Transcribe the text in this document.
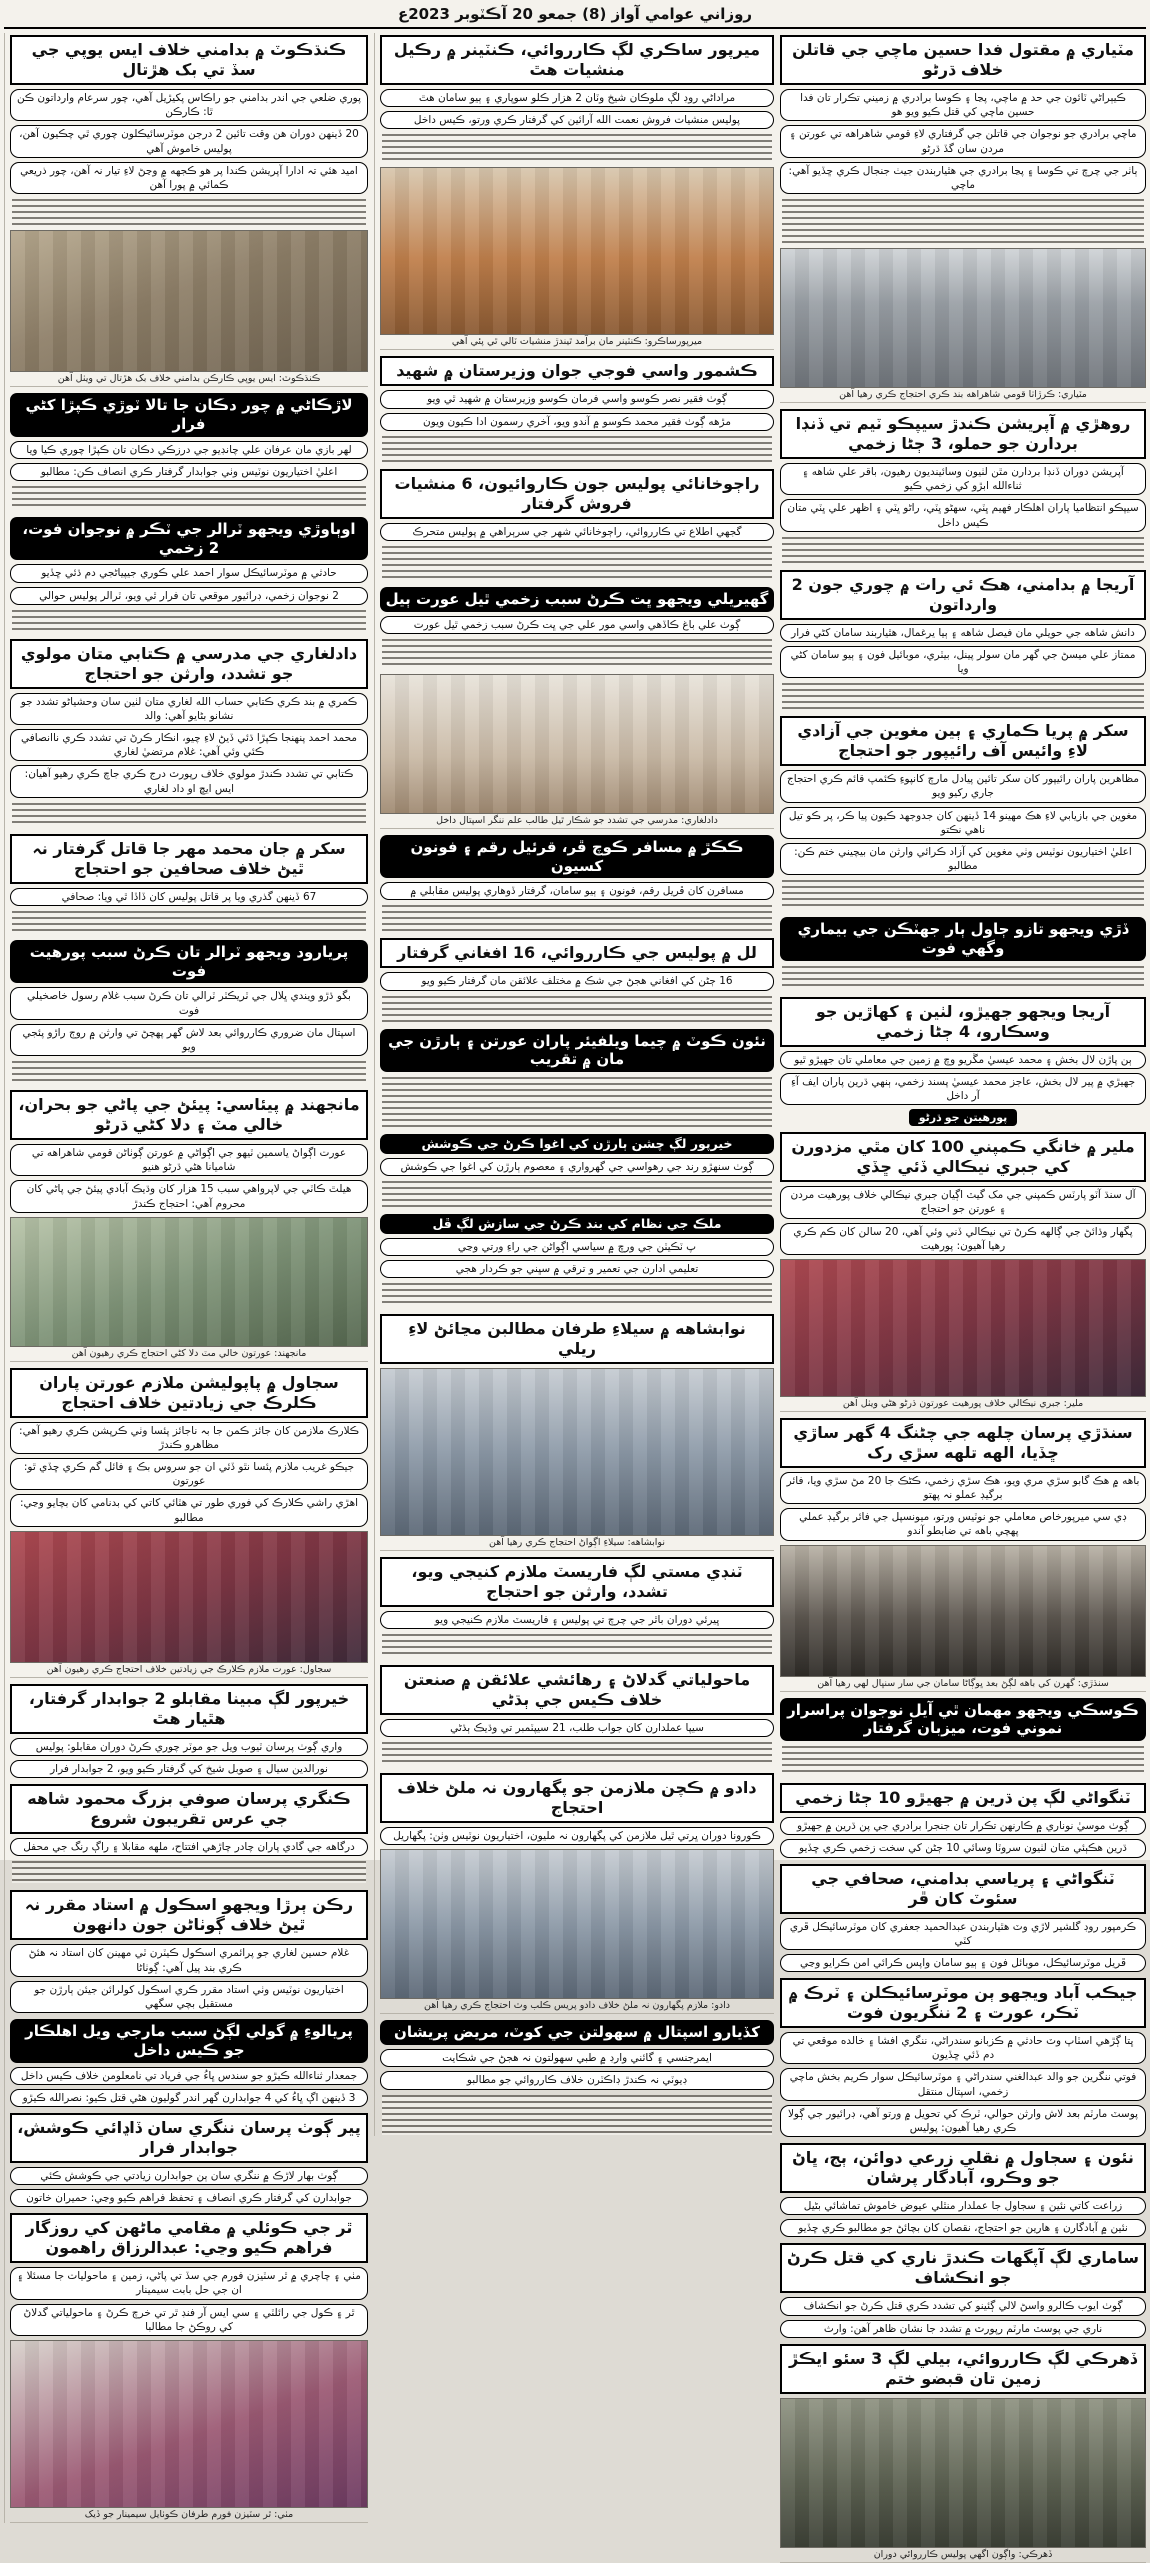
روزاني عوامي آواز (8) جمعو 20 آڪٽوبر 2023ع
مٽياري ۾ مقتول فدا حسين ماچي جي قاتلن خلاف ڌرڻو
ڪيٻراڻي ٽائون جي حد ۾ ماچي، پڃا ۽ ڪوسا برادري ۾ زميني تڪرار تان فدا حسين ماچي کي قتل ڪيو ويو هو
ماچي برادري جو نوجوان جي قاتلن جي گرفتاري لاءِ قومي شاهراهه تي عورتن ۽ مردن سان گڏ ڌرڻو
ٻاٺر جي چرچ تي ڪوسا ۽ پڃا برادري جي هٿياربندن جيٺ جنجال ڪري ڇڏيو آهي: ماچي
مٽياري: ڪرڙاٺا قومي شاهراهه بند ڪري احتجاج ڪري رهيا آهن
روهڙي ۾ آپريشن ڪندڙ سيپڪو ٽيم تي ڏنڊا بردارن جو حملو، 3 ڄڻا زخمي
آپريشن دوران ڏنڊا بردارن مٿن لٺيون وسائينديون رهيون، باقر علي شاهه ۽ ثناءالله ابڙو کي زخمي ڪيو
سيپڪو انتظاميا پاران اهلڪار فهيم ڀٽي، سهڻو ڀٽي، راڻو ڀٽي ۽ اظهر علي ڀٽي متان ڪيس داخل
آريجا ۾ بدامني، هڪ ئي رات ۾ چوري جون 2 وارداتون
دانش شاهه جي حويلي مان فيصل شاهه ۽ ٻيا يرغمال، هٿياربند سامان کڻي فرار
ممتاز علي ميسڻ جي گهر مان سولر پينل، بيٽري، موبائيل فون ۽ ٻيو سامان کڻي ويا
سکر ۾ پريا ڪماري ۽ ٻين مغوين جي آزادي لاءِ وائيس آف رائيپور جو احتجاج
مظاهرين پاران رائيپور کان سکر تائين پيادل مارچ کانپوءِ ڪئمپ قائم ڪري احتجاج جاري رکيو ويو
مغوين جي بازيابي لاءِ هڪ مهينو 14 ڏينهن کان جدوجهد ڪيون پيا ڪر، پر ڪو تيل ناهي نڪتو
اعليٰ اختياريون نوٽيس وٺي مغوين کي آزاد ڪرائي وارثن مان بيچيني ختم ڪن: مطالبو
ڏڙي ويجهو تازو ڄاول ٻار جهٽڪن جي بيماري وگهي فوت
آريجا ويجهو جهيڙو، لٺين ۽ کهاڙين جو وسڪارو، 4 ڄڻا زخمي
ٻن پاڙن لال بخش ۽ محمد عيسيٰ مڱريو وچ ۾ زمين جي معاملي تان جهيڙو ٿيو
جهيڙي ۾ پير لال بخش، عاجز محمد عيسيٰ پسند زخمي، ٻنهي ڌرين پاران ايف آءِ آر داخل
پورهيتن جو ڌرڻو
ملير ۾ خانگي ڪمپني 100 کان مٿي مزدورن کي جبري نيڪالي ڏئي ڇڏي
آل سنڌ آٽو پارٽس ڪمپني جي مک گيٽ اڳيان جبري نيڪالي خلاف پورهيت مردن ۽ عورتن جو احتجاج
پگهار وڌائڻ جي ڳالهه ڪرڻ تي نيڪالي ڏني وئي آهي، 20 سالن کان ڪم ڪري رهيا آهيون: پورهيت
ملير: جبري نيڪالي خلاف پورهيت عورتون ڌرڻو هڻي ويٺل آهن
سنڌڙي پرسان چلهه جي چڻنگ 4 گهر ساڙي ڇڏيا، الهه تلهه سڙي رک
باهه ۾ هڪ گابو سڙي مري ويو، هڪ سڙي زخمي، ڪڻڪ جا 20 مڻ سڙي ويا، فائر برگيڊ عملو نہ پهتو
ڊي سي ميرپورخاص معاملي جو نوٽيس ورتو، ميونسپل جي فائر برگيڊ عملي پهچي باهه تي ضابطو آندو
سنڌڙي: گهرن کي باهه لڳڻ بعد ڀوڳاڻا سامان جي سار سنڀال لهي رهيا آهن
ڪوسڪي ويجهو مهمان ٿي آيل نوجوان پراسرار نموني فوت، ميزبان گرفتار
ٽنگواڻي لڳ پن ڌرين ۾ جهيڙو 10 ڄڻا زخمي
ڳوٺ موسيٰ نوناري ۾ ڪارنهن تڪرار تان جنجرا برادري جي پن ڌرين ۾ جهيڙو
ڌرين هڪٻئي متان لٺيون سروٽا وسائي 10 ڄڻن کي سخت زخمي ڪري ڇڏيو
ٽنگواڻي ۽ پرياسي بدامني، صحافي جي سئوٽ کان ڦر
ڪرمپور روڊ گلشير لاڙي وٽ هٿياربندن عبدالحميد جعفري کان موٽرسائيڪل ڦري کٽي
ڦريل موٽرسائيڪل، موبائل فون ۽ ٻيو سامان واپس ڪرائي امن ڪرايو وڃي
جيڪب آباد ويجهو ٻن موٽرسائيڪلن ۽ ٽرڪ ۾ ٽڪر، عورت ۽ 2 ننگريون فوت
ڀتا ڳڙهي اسٽاپ وٽ حادثي ۾ ڪزبانو سندراڻي، ننگري افشا ۽ خالده موقعي تي دم ڏئي ڇڏيون
فوتي ننگرين جو والد عبدالغني سندراڻي ۽ موٽرسائيڪل سوار ڪريم بخش ماچي زخمي، اسپتال منتقل
پوسٽ مارٽم بعد لاش وارثن حوالي، ٽرڪ کي تحويل ۾ ورتو آهي، ڊرائيور جي ڳولا ڪري رهيا آهيون: پوليس
نئون ۽ سجاول ۾ نقلي زرعي دوائن، ٻج، ڀاڻ جو وڪرو، آبادگار پرشان
زراعت کاتي نئين ۽ سجاول جا عملدار منٿلي عيوض خاموش تماشائي بڻيل
نئين ۾ آبادگارن ۽ هارين جو احتجاج، نقصان کان بچائڻ جو مطالبو ڪري ڇڏيو
ساماري لڳ آپگهات ڪندڙ ناري کي قتل ڪرڻ جو انڪشاف
ڳوٺ ايوب ڪالرو واسڻ لالي ڳئينو کي تشدد ڪري قتل ڪرڻ جو انڪشاف
ناري جي پوسٽ مارٽم رپورٽ ۾ تشدد جا نشان ظاهر آهن: وارث
ڏهرڪي لڳ ڪارروائي، بيلي لڳ 3 سئو ايڪڙ زمين تان قبضو ختم
ڏهرڪي: واڳون اگهي پوليس ڪارروائي دوران
ميرپور ساڪري لڳ ڪارروائي، ڪنٽينر ۾ رڪيل منشيات هٿ
مراداڻي روڊ لڳ ملوڪان شيخ وٽان 2 هزار ڪلو سوپاري ۽ ٻيو سامان هٿ
پوليس منشيات فروش نعمت الله آرائين کي گرفتار ڪري ورتو، ڪيس داخل
ميرپورساڪرو: ڪنٽينر مان برآمد ٿيندڙ منشيات ٽالي ٿي پئي آهي
ڪشمور واسي فوجي جوان وزيرستان ۾ شهيد
ڳوٺ فقير نصر ڪوسو واسي فرمان ڪوسو وزيرستان ۾ شهيد ٿي ويو
مڙهه ڳوٺ فقير محمد ڪوسو ۾ آندو ويو، آخري رسمون ادا ڪيون ويون
راڄوخانائي پوليس جون ڪاروائيون، 6 منشيات فروش گرفتار
گجهي اطلاع تي ڪارروائي، راڄوخانائي شهر جي سرٻراهي ۾ پوليس متحرڪ
گهيريلي ويجهو ڀت ڪرڻ سبب زخمي ٿيل عورت ٻيل
ڳوٺ علي باغ ڪاڏهي واسي مور علي جي ڀت ڪرڻ سبب زخمي ٿيل عورت
دادلغاري: مدرسي جي تشدد جو شڪار ٿيل طالب علم ننگر اسپتال داخل
ڪڪڙ ۾ مسافر ڪوچ ڦر، قرئيل رقم ۽ فونون کسيون
مسافرن کان ڦريل رقم، فونون ۽ ٻيو سامان، گرفتار ڏوهاري پوليس مقابلي ۾
لل ۾ پوليس جي ڪارروائي، 16 افغاني گرفتار
16 ڄڻن کي افغاني هجڻ جي شڪ ۾ مختلف علائقن مان گرفتار ڪيو ويو
نئون ڪوٽ ۾ چيما ويلفيئر پاران عورتن ۽ ٻارڙن جي مان ۾ تقريب
خيرپور لڳ چشن ٻارڙن کي اغوا ڪرڻ جي ڪوشش
ڳوٺ سنهڙو رند جي رهواسي جي گهرواري ۽ معصوم ٻارڙن کي اغوا جي ڪوشش
ملڪ جي نظام کي بند ڪرڻ جي سازش لڳ ڦل
پ ٽڪيٽن جي ورڇ ۾ سياسي اڳواڻن جي راءِ ورتي وڃي
تعليمي ادارن جي تعمير و ترقي ۾ سڀني جو ڪردار هجي
نوابشاهه ۾ سيلاءِ طرفان مطالبن مڃائڻ لاءِ ريلي
نوابشاهه: سيلاءِ اڳواڻ احتجاج ڪري رهيا آهن
ٽنڊي مستي لڳ فاريسٽ ملازم کنيجي ويو، تشدد، وارثن جو احتجاج
ڀيرئي دوران باٿر جي چرچ تي پوليس ۽ فاريسٽ ملازم ڪنيجي ويو
ماحولياتي گدلاڻ ۽ رهائشي علائقن ۾ صنعتن خلاف ڪيس جي ٻڌڻي
سيپا عملدارن کان جواب طلب، 21 سيپٽمبر تي وڌيڪ ٻڌڻي
دادو ۾ ڪچن ملازمن جو پگهارون نہ ملڻ خلاف احتجاج
ڪورونا دوران ڀرتي ٿيل ملازمن کي پگهارون نہ مليون، اختياريون نوٽيس وٺن: پگهاريل
دادو: ملازم پگهارون نہ ملڻ خلاف دادو پريس ڪلب وٽ احتجاج ڪري رهيا آهن
کڏيارو اسپتال ۾ سهولتن جي کوٽ، مريض پريشان
ايمرجنسي ۽ گائني وارڊ ۾ طبي سهولتون نہ هجڻ جي شڪايت
ڊيوٽي نہ ڪندڙ ڊاڪٽرن خلاف ڪارروائي جو مطالبو
ڪنڌڪوٽ ۾ بدامني خلاف ايس يوپي جي سڏ تي بک هڙتال
پوري ضلعي جي اندر بدامني جو راڪاس پکيڙيل آهي، چور سرعام وارداتون ڪن ٿا: ڪارڪن
20 ڏينهن دوران هن وقت تائين 2 درجن موٽرسائيڪلون چوري ٿي چڪيون آهن، پوليس خاموش آهي
اميد هئي تہ ادارا آپريشن ڪندا پر هو ڪجهه ۾ وڃڻ لاءِ تيار نہ آهن، چور ذريعي ڪمائي ۾ پورا آهن
ڪنڌڪوٽ: ايس يوپي ڪارڪن بدامني خلاف بک هڙتال تي ويٺل آهن
لاڙڪاڻي ۾ چور دڪان جا تالا ٽوڙي ڪپڙا کڻي فرار
لهر بازي مان عرفان علي چانڊيو جي درزڪي دڪان تان ڪپڙا چوري ڪيا ويا
اعليٰ اختياريون نوٽيس وٺي جوابدار گرفتار ڪري انصاف ڪن: مطالبو
اوٻاوڙي ويجهو ٽرالر جي ٽڪر ۾ نوجوان فوت، 2 زخمي
حادثي ۾ موٽرسائيڪل سوار احمد علي ڪوري جيپياڻجي دم ڌئي ڇڏيو
2 نوجوان زخمي، ڊرائيور موقعي تان فرار ٿي ويو، ٽرالر پوليس حوالي
دادلغاري جي مدرسي ۾ ڪتابي متان مولوي جو تشدد، وارثن جو احتجاج
ڪمري ۾ بند ڪري ڪتابي حساب الله لغاري متان لٺين سان وحشياڻو تشدد جو نشانو بڻايو آهي: والد
محمد احمد پنهنجا ڪپڙا ڌئي ڏيڻ لاءِ چيو، انڪار ڪرڻ تي تشدد ڪري ناانصافي ڪئي وئي آهي: غلام مرتضيٰ لغاري
ڪتابي تي تشدد ڪندڙ مولوي خلاف رپورٽ درج ڪري جاچ ڪري رهيو آهيان: ايس ايڇ او داد لغاري
سکر ۾ جان محمد مهر جا قاتل گرفتار نہ ٿيڻ خلاف صحافين جو احتجاج
67 ڏينهن گذري ويا پر قاتل پوليس کان ڏاڏا ٿي ويا: صحافي
پريارود ويجهو ٽرالر تان ڪرڻ سبب پورهيت فوت
بگو ڌڙو ويندي ڀلال جي ٽريڪٽر ٽرالي تان ڪرڻ سبب غلام رسول خاصخيلي فوت
اسپتال مان ضروري ڪارروائي بعد لاش گهر پهچڻ تي وارثن ۾ روڄ راڙو پئجي ويو
مانجهند ۾ پيئاسي: پيئڻ جي پاڻي جو بحران، خالي مٽ ۽ دلا کڻي ڌرڻو
عورت اڳواڻ ياسمين ٽيهو جي اڳواڻي ۾ عورتن ڳوٺاڻن قومي شاهراهه تي شاميانا هڻي ڌرڻو هنيو
هيلٿ ڪاٽي جي لاپرواهي سبب 15 هزار کان وڌيڪ آبادي پيئڻ جي پاڻي کان محروم آهي: احتجاج ڪندڙ
مانجهند: عورتون خالي مٽ دلا کڻي احتجاج ڪري رهيون آهن
سجاول ۾ پاپوليشن ملازم عورتن پاران ڪلرڪ جي زيادتين خلاف احتجاج
ڪلارڪ ملازمن کان جائز ڪمن جا بہ ناجائز پئسا وٺي ڪرپشن ڪري رهيو آهي: مظاهرو ڪندڙ
جيڪو غريب ملازم پئسا نٿو ڏئي ان جو سروس بڪ ۽ فائل گم ڪري ڇڏي ٿو: عورتون
اهڙي راشي ڪلارڪ کي فوري طور تي هٽائي کاتي کي بدنامي کان بچايو وڃي: مطالبو
سجاول: عورت ملازم ڪلارڪ جي زيادتين خلاف احتجاج ڪري رهيون آهن
خيرپور لڳ مبينا مقابلو 2 جوابدار گرفتار، هٿيار هٿ
واري ڳوٺ پرسان ٽيوب ويل جو موٽر چوري ڪرڻ دوران مقابلو: پوليس
نورالدين سيال ۽ صوبل شيخ کي گرفتار ڪيو ويو، 2 جوابدار فرار
ڪنگري پرسان صوفي بزرگ محمود شاهه جي عرس تقريبون شروع
درگاهه جي گادي پاران چادر چاڙهي افتتاح، ملهه مقابلا ۽ راڳ رنگ جي محفل
رڪن ٻرڙا ويجهو اسڪول ۾ استاد مقرر نہ ٿيڻ خلاف ڳوٺاڻن جون دانهون
غلام حسين لغاري جو پرائمري اسڪول ڪيٽرن ٽي مهينن کان استاد نہ هئڻ ڪري بند پيل آهي: ڳوٺاڻا
اختياريون نوٽيس وٺي استاد مقرر ڪري اسڪول کولرائن جيئن ٻارڙن جو مستقبل بچي سگهي
پريالوءِ ۾ گولي لڳڻ سبب مارجي ويل اهلڪار جو ڪيس داخل
جمعدار ثناءالله ڪيڙو جو سندس ڀاءُ جي فرياد تي نامعلومن خلاف ڪيس داخل
3 ڏينهن اڳ ڀاءُ کي 4 جوابدارن گهر اندر گوليون هڻي قتل ڪيو: نصرالله ڪيڙو
پير ڳوٺ پرسان ننگري سان ڏاڍائي ڪوشش، جوابدار فرار
ڳوٺ بهار لاڙڪ ۾ ننگري سان ٻن جوابدارن زيادتي جي ڪوشش ڪئي
جوابدارن کي گرفتار ڪري انصاف ۽ تحفظ فراهم ڪيو وڃي: حميران خاتون
ٿر جي ڪوئلي ۾ مقامي ماڻهن کي روزگار فراهم ڪيو وڃي: عبدالرزاق راهمون
مٺي ۽ چاچري ۾ ٿر سٽيزن فورم جي سڏ تي پاڻي، زمين ۽ ماحوليات جا مسئلا ۽ ان جي حل بابت سيمينار
ٿر ۽ ڪول جي رائلٽي ۽ سي ايس آر فنڊ ٿر تي خرچ ڪرڻ ۽ ماحولياتي گدلاڻ کي روڪڻ جا مطالبا
مٺي: ٿر سٽيزن فورم طرفان ڪوٺايل سيمينار جو ڏيک
